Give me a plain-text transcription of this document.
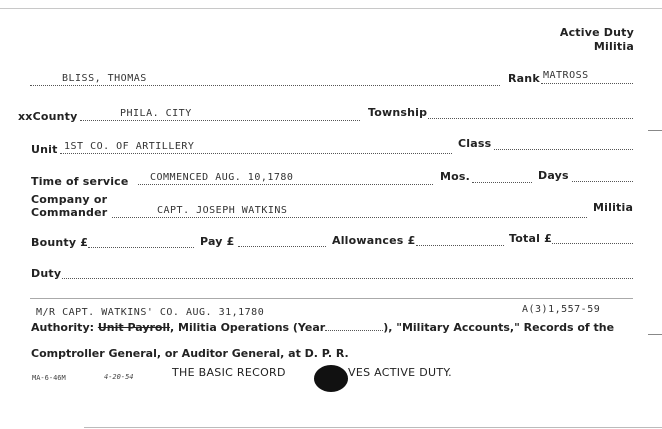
Active Duty
Militia
BLISS, THOMAS	Rank MATROSS
xxCounty	PHILA. CITY	Township
Unit 1ST CO. OF ARTILLERY	Class
Time of service COMMENCED AUG. 10,1780	Mos.	Days
Company or
Commander	CAPT. JOSEPH WATKINS	Militia
Bounty £	Pay £	Allowances £	Total £
Duty
M/R CAPT. WATKINS' CO. AUG. 31,1780	A(3)1,557-59
Authority: Unit Payroll, Militia Operations (Year	), "Military Accounts," Records of the
Comptroller General, or Auditor General, at D. P. R.
MA-6-46M	4-20-54	THE BASIC RECORD	VES ACTIVE DUTY.
